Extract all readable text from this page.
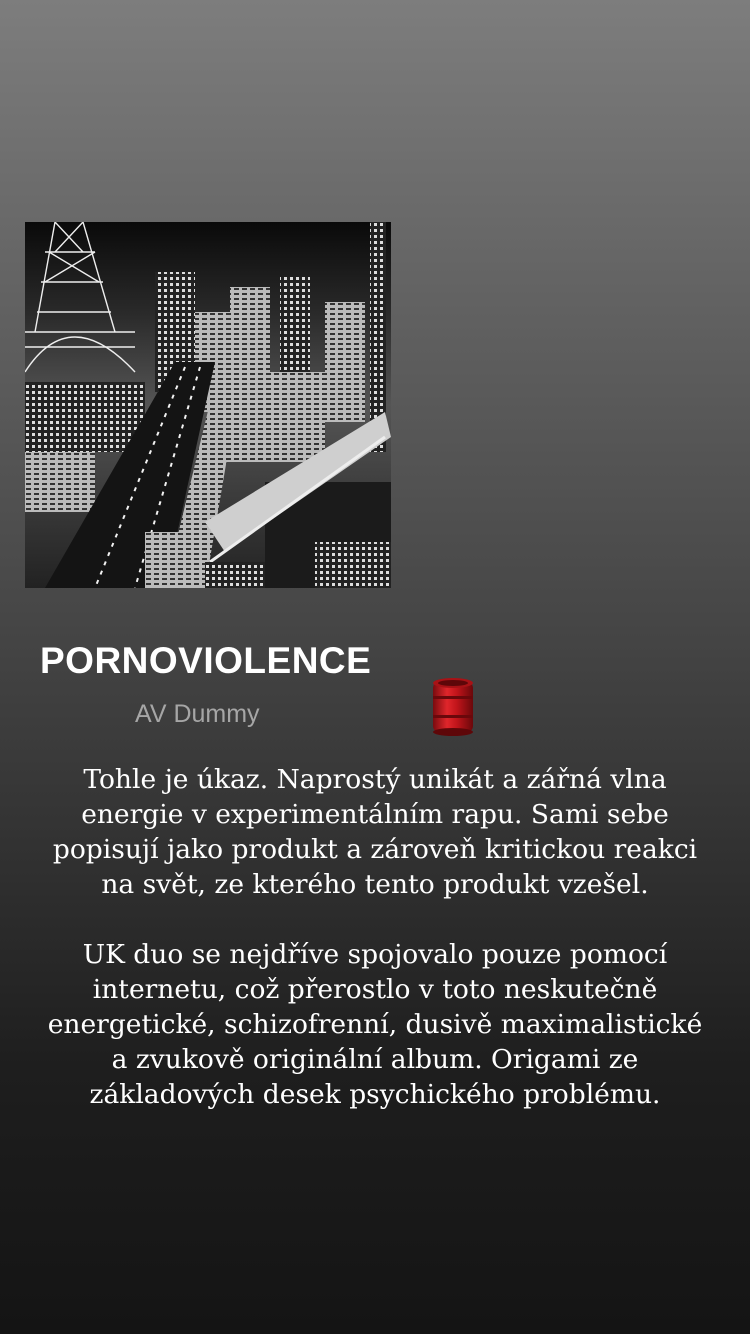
PORNOVIOLENCE
AV Dummy

Tohle je úkaz. Naprostý unikát a zářná vlna energie v experimentálním rapu. Sami sebe popisují jako produkt a zároveň kritickou reakci na svět, ze kterého tento produkt vzešel.

UK duo se nejdříve spojovalo pouze pomocí internetu, což přerostlo v toto neskutečně energetické, schizofrenní, dusivě maximalistické a zvukově originální album. Origami ze základových desek psychického problému.
